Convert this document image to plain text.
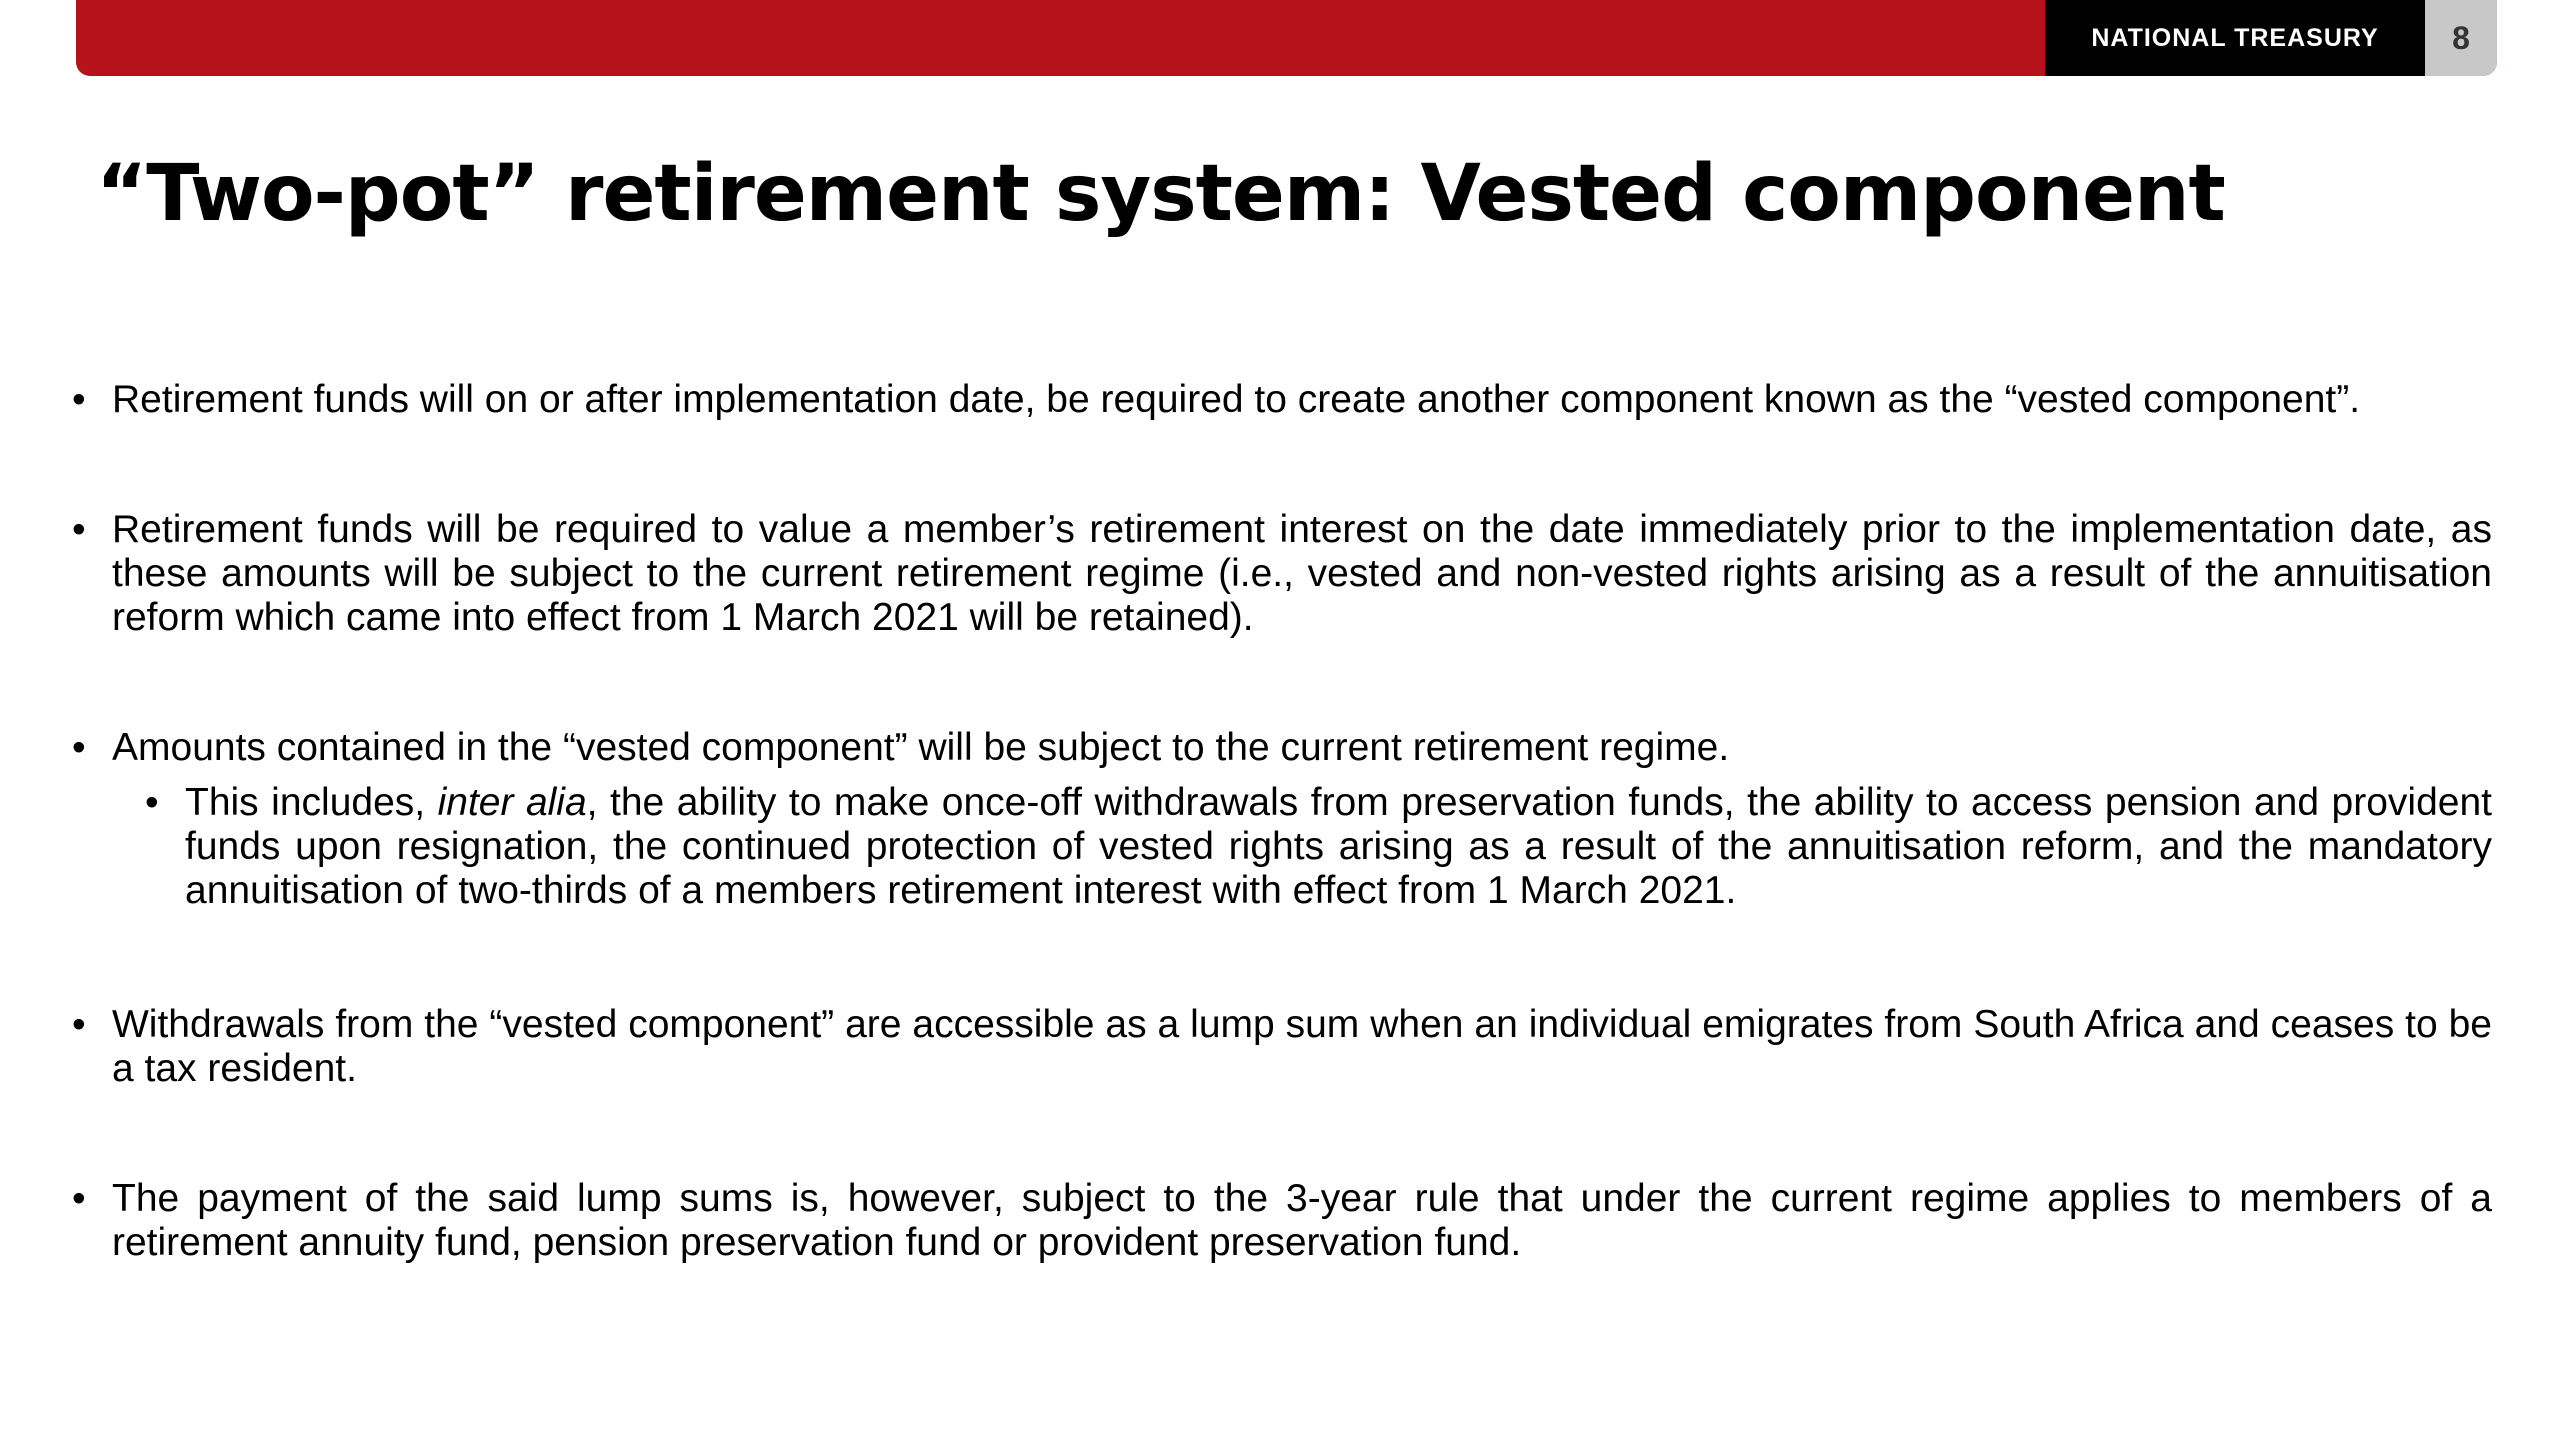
NATIONAL TREASURY	8
“Two-pot” retirement system: Vested component
• Retirement funds will on or after implementation date, be required to create another component known as the “vested component”.
• Retirement funds will be required to value a member’s retirement interest on the date immediately prior to the implementation date, as these amounts will be subject to the current retirement regime (i.e., vested and non-vested rights arising as a result of the annuitisation reform which came into effect from 1 March 2021 will be retained).
• Amounts contained in the “vested component” will be subject to the current retirement regime.
• This includes, inter alia, the ability to make once-off withdrawals from preservation funds, the ability to access pension and provident funds upon resignation, the continued protection of vested rights arising as a result of the annuitisation reform, and the mandatory annuitisation of two-thirds of a members retirement interest with effect from 1 March 2021.
• Withdrawals from the “vested component” are accessible as a lump sum when an individual emigrates from South Africa and ceases to be a tax resident.
• The payment of the said lump sums is, however, subject to the 3-year rule that under the current regime applies to members of a retirement annuity fund, pension preservation fund or provident preservation fund.
